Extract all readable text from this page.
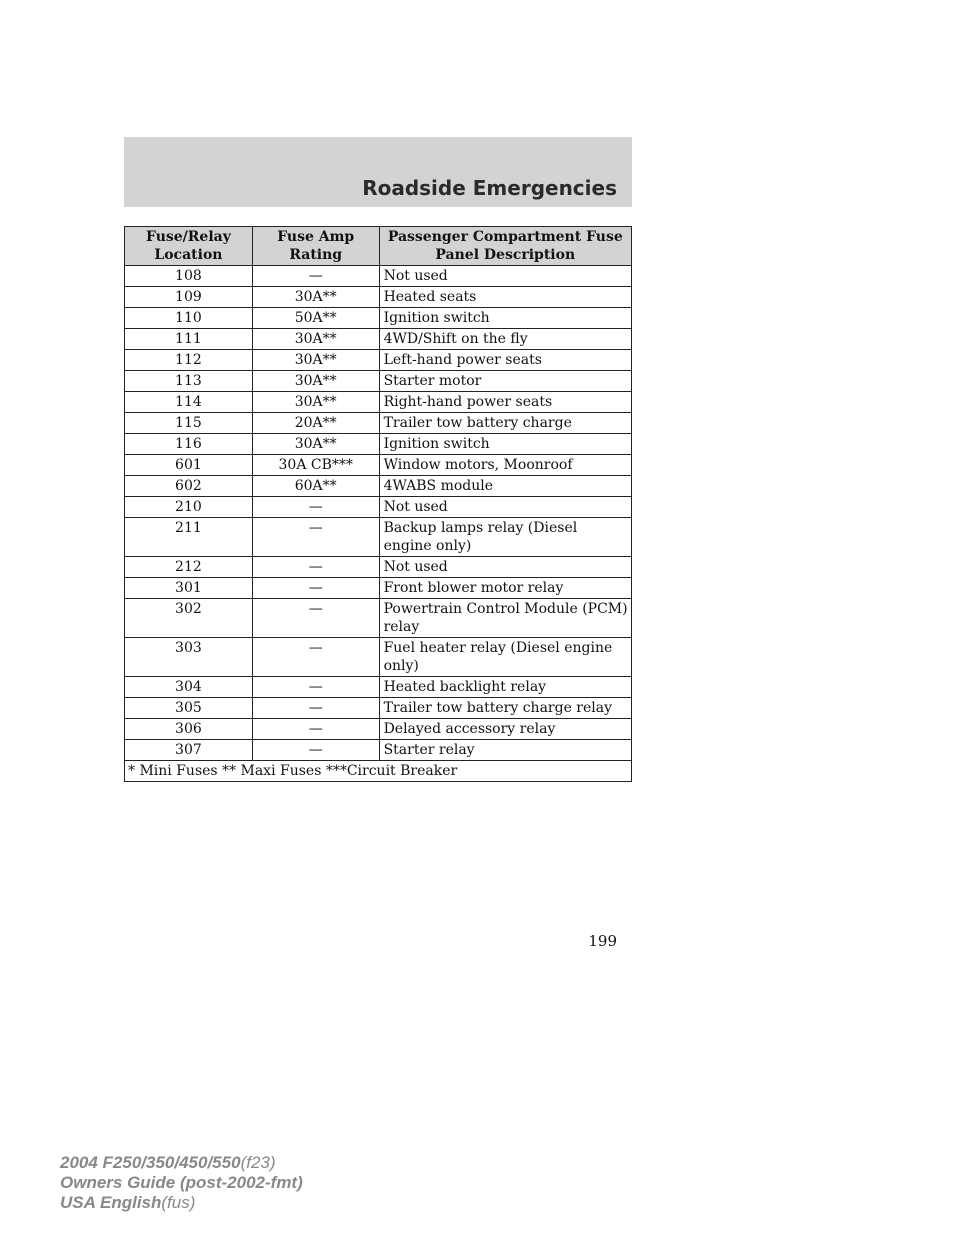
Roadside Emergencies
Fuse/Relay Location	Fuse Amp Rating	Passenger Compartment Fuse Panel Description
108	—	Not used
109	30A**	Heated seats
110	50A**	Ignition switch
111	30A**	4WD/Shift on the fly
112	30A**	Left-hand power seats
113	30A**	Starter motor
114	30A**	Right-hand power seats
115	20A**	Trailer tow battery charge
116	30A**	Ignition switch
601	30A CB***	Window motors, Moonroof
602	60A**	4WABS module
210	—	Not used
211	—	Backup lamps relay (Diesel engine only)
212	—	Not used
301	—	Front blower motor relay
302	—	Powertrain Control Module (PCM) relay
303	—	Fuel heater relay (Diesel engine only)
304	—	Heated backlight relay
305	—	Trailer tow battery charge relay
306	—	Delayed accessory relay
307	—	Starter relay
* Mini Fuses ** Maxi Fuses ***Circuit Breaker		
199
2004 F250/350/450/550(f23)
Owners Guide (post-2002-fmt)
USA English(fus)
